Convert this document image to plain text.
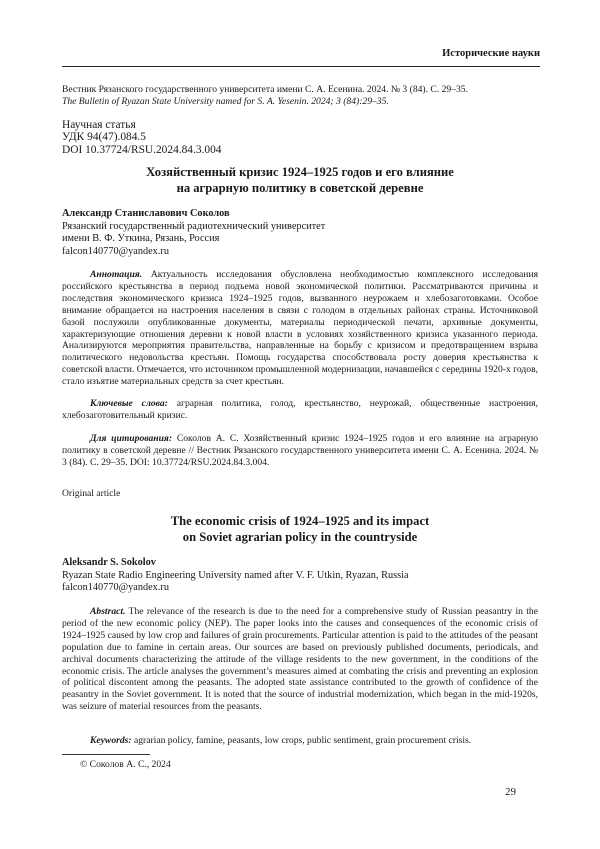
Исторические науки
Вестник Рязанского государственного университета имени С. А. Есенина. 2024. № 3 (84). С. 29–35.
The Bulletin of Ryazan State University named for S. A. Yesenin. 2024; 3 (84):29–35.
Научная статья
УДК 94(47).084.5
DOI 10.37724/RSU.2024.84.3.004
Хозяйственный кризис 1924–1925 годов и его влияние
на аграрную политику в советской деревне
Александр Станиславович Соколов
Рязанский государственный радиотехнический университет
имени В. Ф. Уткина, Рязань, Россия
falcon140770@yandex.ru
Аннотация. Актуальность исследования обусловлена необходимостью комплексного исследования российского крестьянства в период подъема новой экономической политики. Рассматриваются причины и последствия экономического кризиса 1924–1925 годов, вызванного неурожаем и хлебозаготовками. Особое внимание обращается на настроения населения в связи с голодом в отдельных районах страны. Источниковой базой послужили опубликованные документы, материалы периодической печати, архивные документы, характеризующие отношения деревни к новой власти в условиях хозяйственного кризиса указанного периода. Анализируются мероприятия правительства, направленные на борьбу с кризисом и предотвращением взрыва политического недовольства крестьян. Помощь государства способствовала росту доверия крестьянства к советской власти. Отмечается, что источником промышленной модернизации, начавшейся с середины 1920-х годов, стало изъятие материальных средств за счет крестьян.
Ключевые слова: аграрная политика, голод, крестьянство, неурожай, общественные настроения, хлебозаготовительный кризис.
Для цитирования: Соколов А. С. Хозяйственный кризис 1924–1925 годов и его влияние на аграрную политику в советской деревне // Вестник Рязанского государственного университета имени С. А. Есенина. 2024. № 3 (84). С. 29–35. DOI: 10.37724/RSU.2024.84.3.004.
Original article
The economic crisis of 1924–1925 and its impact
on Soviet agrarian policy in the countryside
Aleksandr S. Sokolov
Ryazan State Radio Engineering University named after V. F. Utkin, Ryazan, Russia
falcon140770@yandex.ru
Abstract. The relevance of the research is due to the need for a comprehensive study of Russian peasantry in the period of the new economic policy (NEP). The paper looks into the causes and consequences of the economic crisis of 1924–1925 caused by low crop and failures of grain procurements. Particular attention is paid to the attitudes of the peasant population due to famine in certain areas. Our sources are based on previously published documents, periodicals, and archival documents characterizing the attitude of the village residents to the new government, in the conditions of the economic crisis. The article analyses the government’s measures aimed at combating the crisis and preventing an explosion of political discontent among the peasants. The adopted state assistance contributed to the growth of confidence of the peasantry in the Soviet government. It is noted that the source of industrial modernization, which began in the mid-1920s, was seizure of material resources from the peasants.
Keywords: agrarian policy, famine, peasants, low crops, public sentiment, grain procurement crisis.
© Соколов А. С., 2024
29
